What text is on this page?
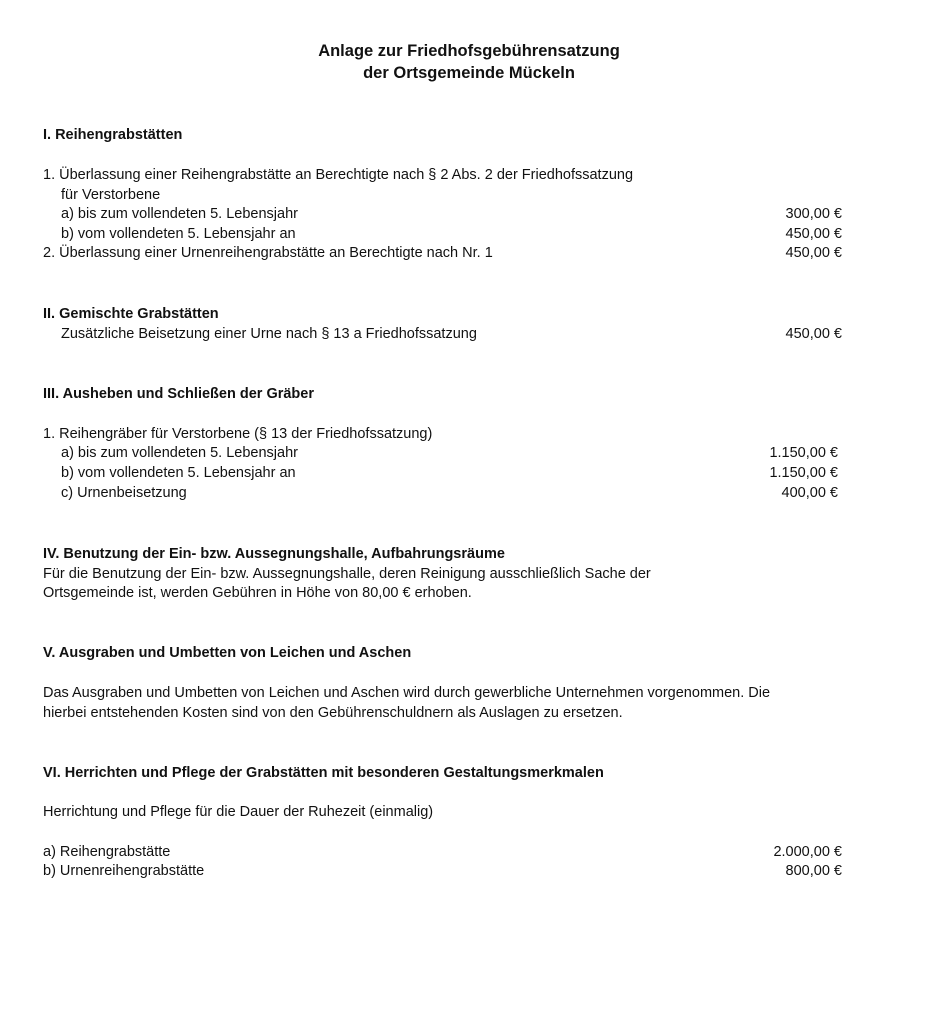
Anlage zur Friedhofsgebührensatzung
der Ortsgemeinde Mückeln
I. Reihengrabstätten
1. Überlassung einer Reihengrabstätte an Berechtigte nach § 2 Abs. 2 der Friedhofssatzung
für Verstorbene
a) bis zum vollendeten 5. Lebensjahr	300,00 €
b) vom vollendeten 5. Lebensjahr an	450,00 €
2. Überlassung einer Urnenreihengrabstätte an Berechtigte nach Nr. 1	450,00 €
II. Gemischte Grabstätten
Zusätzliche Beisetzung einer Urne nach § 13 a Friedhofssatzung	450,00 €
III. Ausheben und Schließen der Gräber
1. Reihengräber für Verstorbene (§ 13 der Friedhofssatzung)
a) bis zum vollendeten 5. Lebensjahr	1.150,00 €
b) vom vollendeten 5. Lebensjahr an	1.150,00 €
c) Urnenbeisetzung	400,00 €
IV. Benutzung der Ein- bzw. Aussegnungshalle, Aufbahrungsräume
Für die Benutzung der Ein- bzw. Aussegnungshalle, deren Reinigung ausschließlich Sache der
Ortsgemeinde ist, werden Gebühren in Höhe von 80,00 € erhoben.
V. Ausgraben und Umbetten von Leichen und Aschen
Das Ausgraben und Umbetten von Leichen und Aschen wird durch gewerbliche Unternehmen vorgenommen. Die
hierbei entstehenden Kosten sind von den Gebührenschuldnern als Auslagen zu ersetzen.
VI. Herrichten und Pflege der Grabstätten mit besonderen Gestaltungsmerkmalen
Herrichtung und Pflege für die Dauer der Ruhezeit (einmalig)
a) Reihengrabstätte	2.000,00 €
b) Urnenreihengrabstätte	800,00 €
